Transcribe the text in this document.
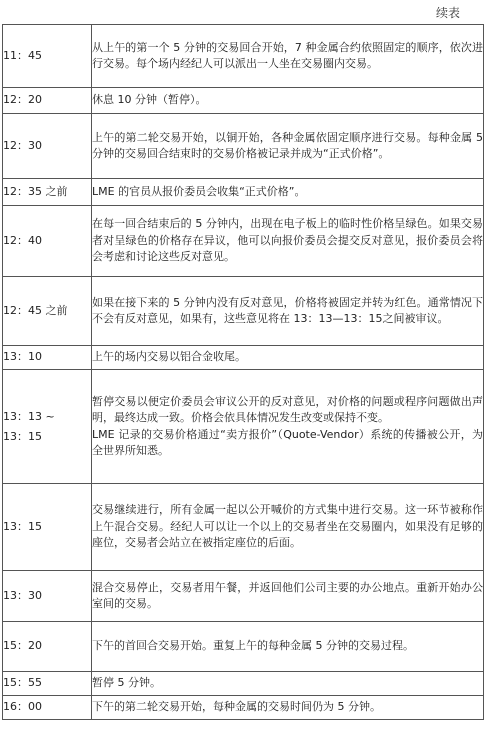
续表
11：45	从上午的第一个 5 分钟的交易回合开始，7 种金属合约依照固定的顺序，依次进行交易。每个场内经纪人可以派出一人坐在交易圈内交易。

12：20	休息 10 分钟（暂停）。

12：30	上午的第二轮交易开始，以铜开始，各种金属依固定顺序进行交易。每种金属 5 分钟的交易回合结束时的交易价格被记录并成为“正式价格”。

12：35 之前	LME 的官员从报价委员会收集“正式价格”。

12：40	在每一回合结束后的 5 分钟内，出现在电子板上的临时性价格呈绿色。如果交易者对呈绿色的价格存在异议，他可以向报价委员会提交反对意见，报价委员会将会考虑和讨论这些反对意见。

12：45 之前	如果在接下来的 5 分钟内没有反对意见，价格将被固定并转为红色。通常情况下不会有反对意见，如果有，这些意见将在 13：13—13：15之间被审议。

13：10	上午的场内交易以铝合金收尾。

13：13 ~
13：15	暂停交易以便定价委员会审议公开的反对意见，对价格的问题或程序问题做出声明，最终达成一致。价格会依具体情况发生改变或保持不变。
LME 记录的交易价格通过“卖方报价”（Quote-Vendor）系统的传播被公开，为全世界所知悉。

13：15	交易继续进行，所有金属一起以公开喊价的方式集中进行交易。这一环节被称作上午混合交易。经纪人可以让一个以上的交易者坐在交易圈内，如果没有足够的座位，交易者会站立在被指定座位的后面。

13：30	混合交易停止，交易者用午餐，并返回他们公司主要的办公地点。重新开始办公室间的交易。

15：20	下午的首回合交易开始。重复上午的每种金属 5 分钟的交易过程。

15：55	暂停 5 分钟。

16：00	下午的第二轮交易开始，每种金属的交易时间仍为 5 分钟。
